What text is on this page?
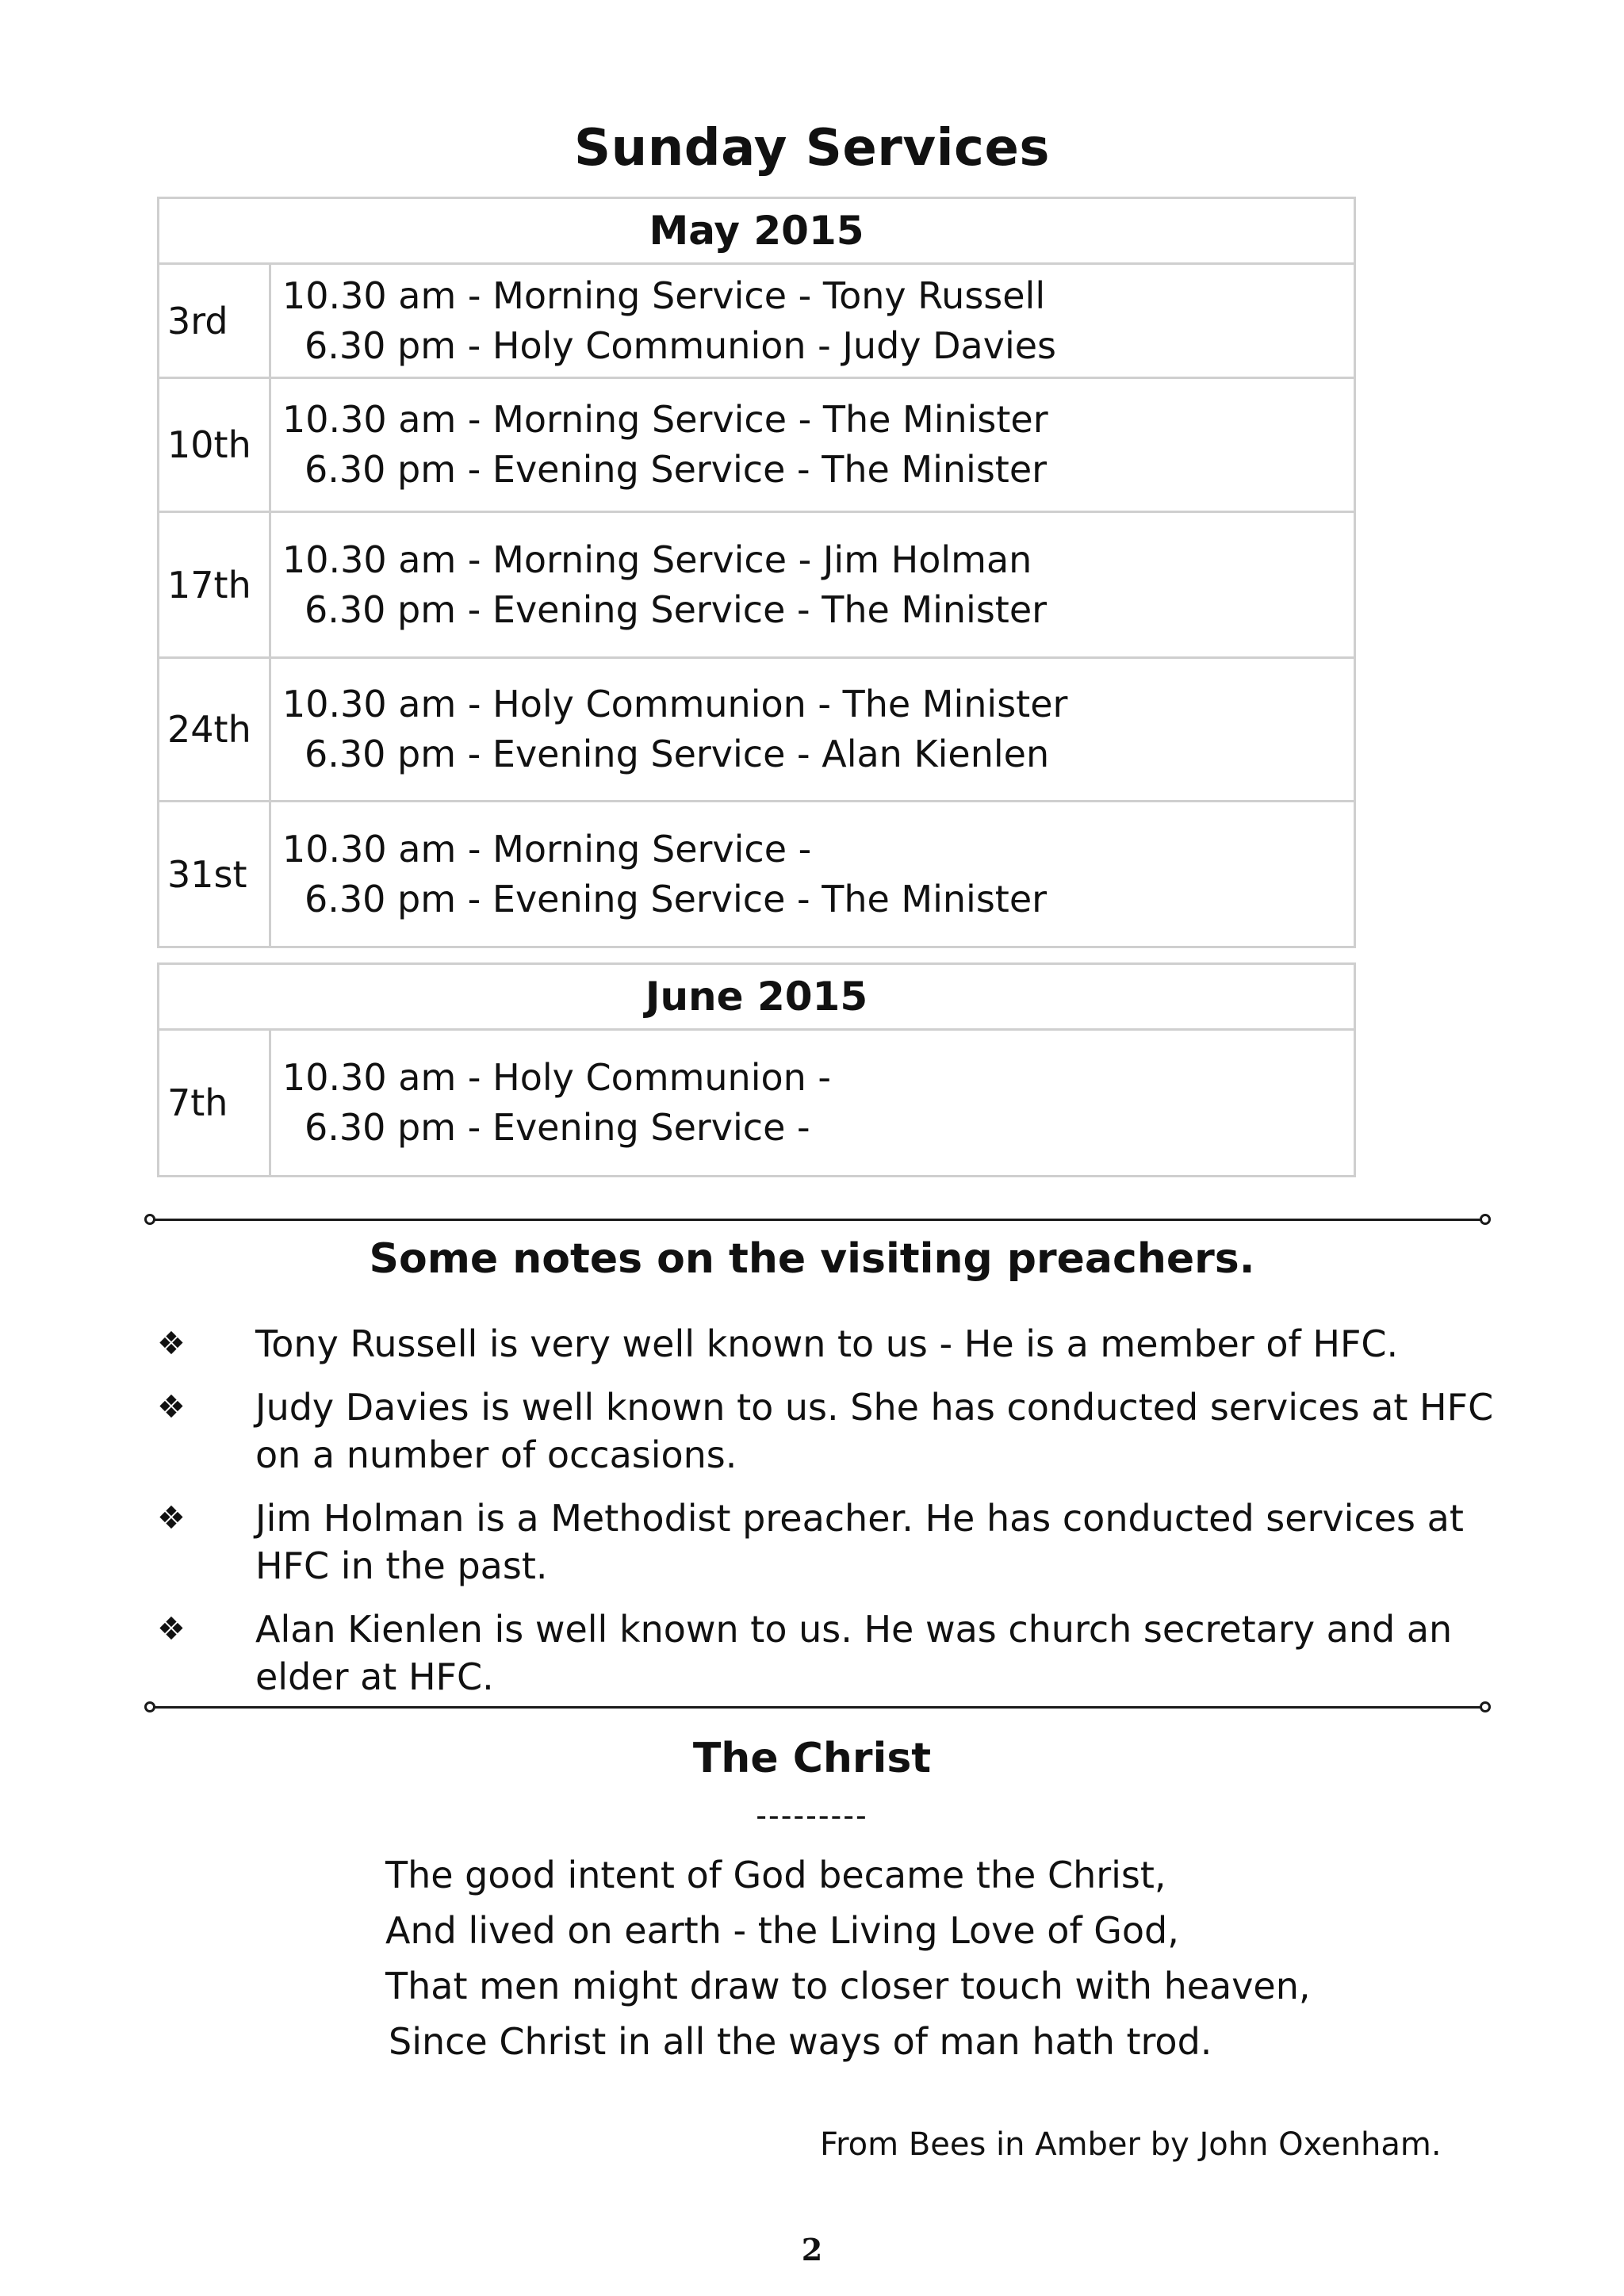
Sunday Services
May 2015
3rd
10.30 am - Morning Service - Tony Russell
6.30 pm - Holy Communion - Judy Davies
10th
10.30 am - Morning Service - The Minister
6.30 pm - Evening Service - The Minister
17th
10.30 am - Morning Service - Jim Holman
6.30 pm - Evening Service - The Minister
24th
10.30 am - Holy Communion - The Minister
6.30 pm - Evening Service - Alan Kienlen
31st
10.30 am - Morning Service -
6.30 pm - Evening Service - The Minister
June 2015
7th
10.30 am - Holy Communion -
6.30 pm - Evening Service -
Some notes on the visiting preachers.
❖ Tony Russell is very well known to us - He is a member of HFC.
❖ Judy Davies is well known to us. She has conducted services at HFC on a number of occasions.
❖ Jim Holman is a Methodist preacher. He has conducted services at HFC in the past.
❖ Alan Kienlen is well known to us. He was church secretary and an elder at HFC.
The Christ
---------
The good intent of God became the Christ,
And lived on earth - the Living Love of God,
That men might draw to closer touch with heaven,
Since Christ in all the ways of man hath trod.
From Bees in Amber by John Oxenham.
2
